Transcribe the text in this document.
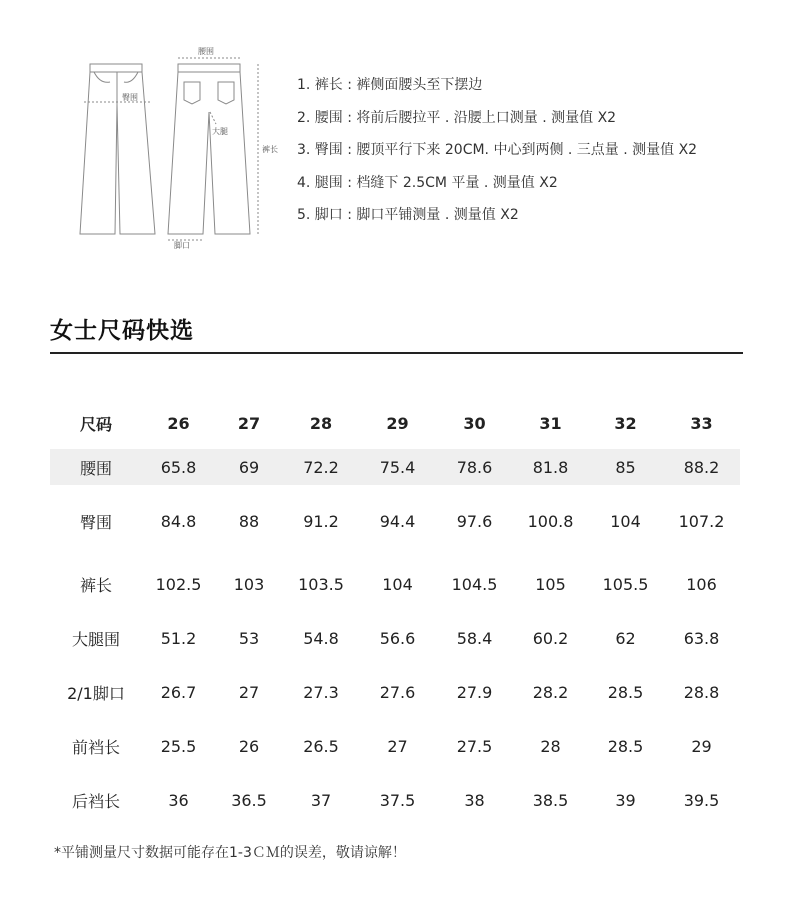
腰围
臀围
大腿
裤长
脚口
1. 裤长 : 裤侧面腰头至下摆边
2. 腰围 : 将前后腰拉平 . 沿腰上口测量 . 测量值 X2
3. 臀围 : 腰顶平行下来 20CM. 中心到两侧 . 三点量 . 测量值 X2
4. 腿围 : 档缝下 2.5CM 平量 . 测量值 X2
5. 脚口 : 脚口平铺测量 . 测量值 X2
女士尺码快选
尺码	26	27	28	29	30	31	32	33
腰围	65.8	69	72.2	75.4	78.6	81.8	85	88.2
臀围	84.8	88	91.2	94.4	97.6	100.8	104	107.2
裤长	102.5	103	103.5	104	104.5	105	105.5	106
大腿围	51.2	53	54.8	56.6	58.4	60.2	62	63.8
2/1脚口	26.7	27	27.3	27.6	27.9	28.2	28.5	28.8
前裆长	25.5	26	26.5	27	27.5	28	28.5	29
后裆长	36	36.5	37	37.5	38	38.5	39	39.5
*平铺测量尺寸数据可能存在1-3ＣＭ的误差，敬请谅解！
